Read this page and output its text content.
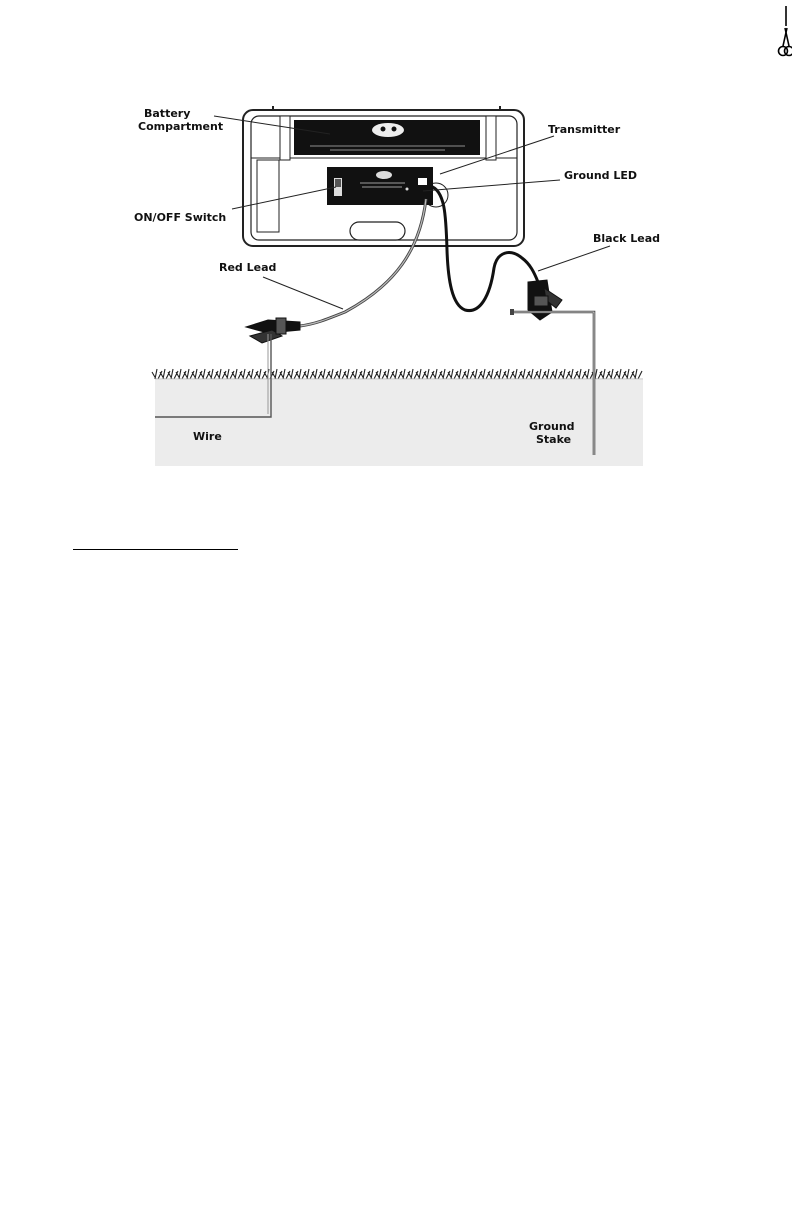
Battery
Compartment	Transmitter
Ground LED
ON/OFF Switch
Black Lead
Red Lead
Wire
Ground
Stake
